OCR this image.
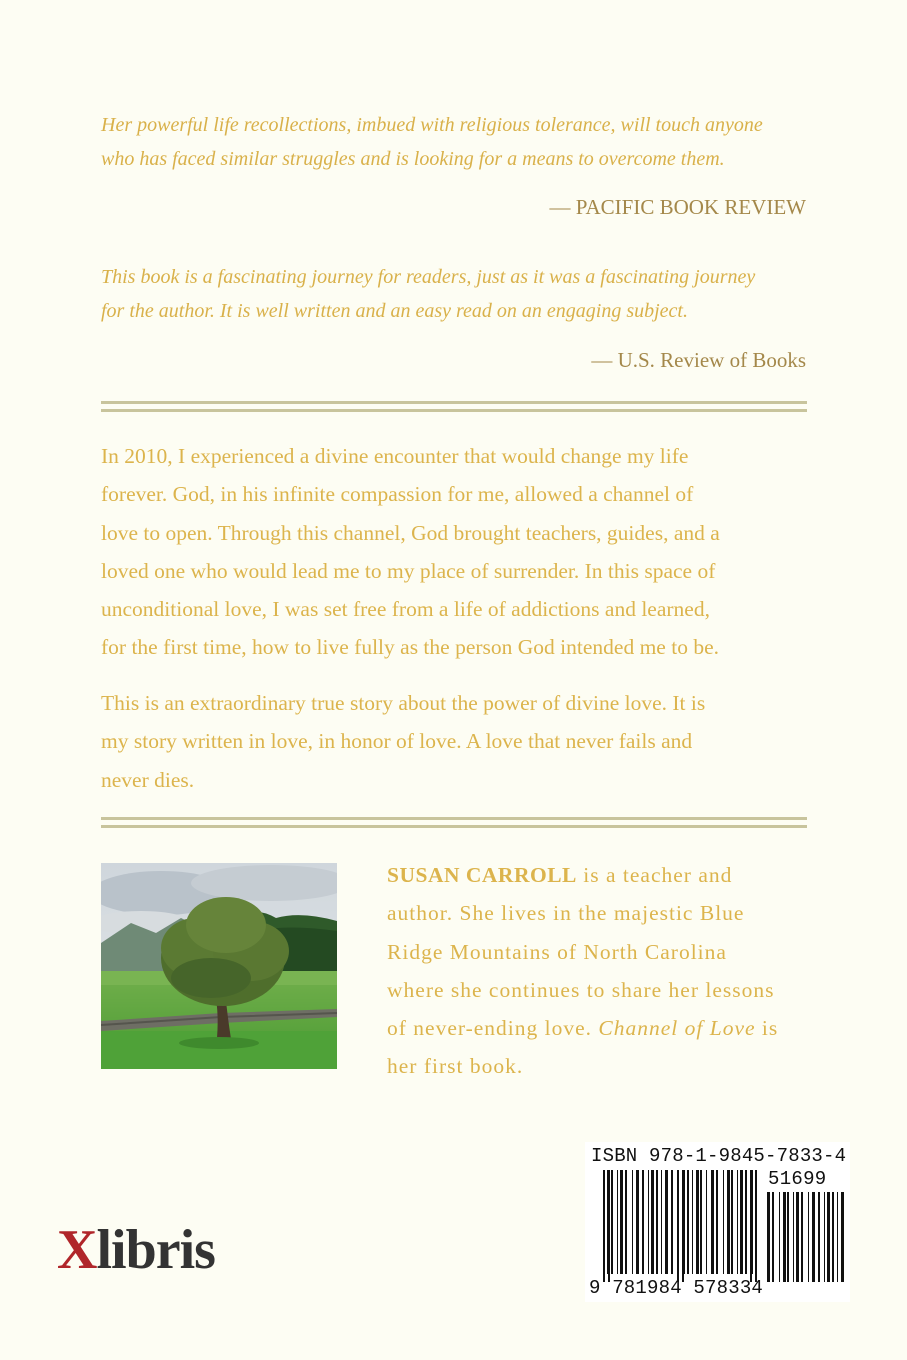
Her powerful life recollections, imbued with religious tolerance, will touch anyone
who has faced similar struggles and is looking for a means to overcome them.
— PACIFIC BOOK REVIEW
This book is a fascinating journey for readers, just as it was a fascinating journey
for the author. It is well written and an easy read on an engaging subject.
— U.S. Review of Books
In 2010, I experienced a divine encounter that would change my life
forever. God, in his infinite compassion for me, allowed a channel of
love to open. Through this channel, God brought teachers, guides, and a
loved one who would lead me to my place of surrender. In this space of
unconditional love, I was set free from a life of addictions and learned,
for the first time, how to live fully as the person God intended me to be.
This is an extraordinary true story about the power of divine love. It is
my story written in love, in honor of love. A love that never fails and
never dies.
SUSAN CARROLL is a teacher and
author. She lives in the majestic Blue
Ridge Mountains of North Carolina
where she continues to share her lessons
of never-ending love. Channel of Love is
her first book.
Xlibris
ISBN 978-1-9845-7833-4
51699
9 781984 578334
